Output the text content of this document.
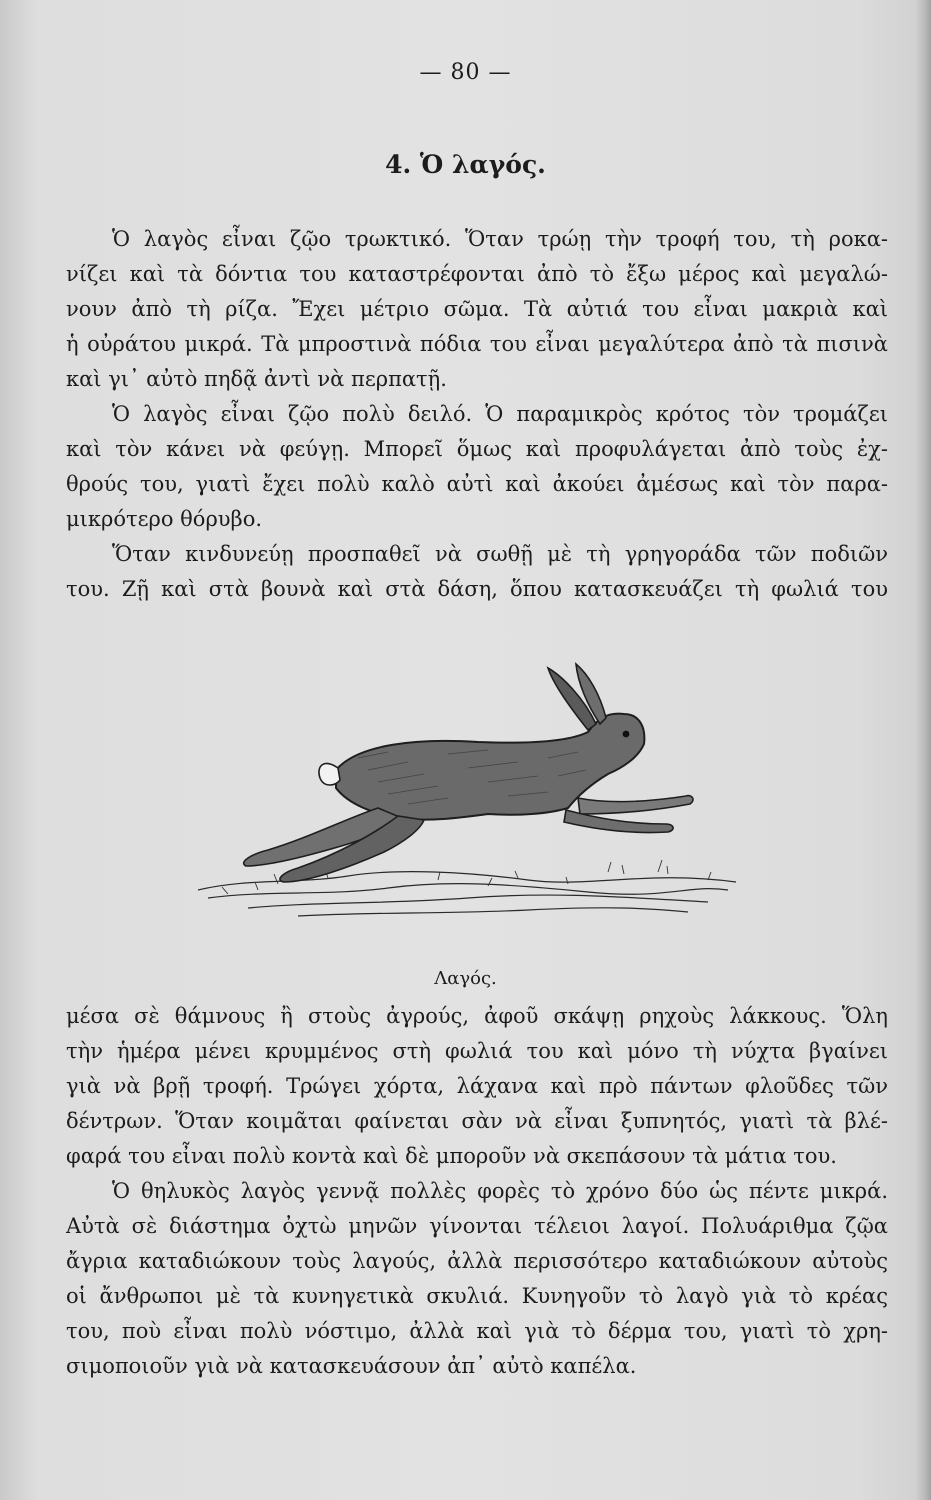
— 80 —
4. Ὁ λαγός.
Ὁ λαγὸς εἶναι ζῷο τρωκτικό. Ὅταν τρώῃ τὴν τροφή του, τὴ ροκα-
νίζει καὶ τὰ δόντια του καταστρέφονται ἀπὸ τὸ ἔξω μέρος καὶ μεγαλώ-
νουν ἀπὸ τὴ ρίζα. Ἔχει μέτριο σῶμα. Τὰ αὐτιά του εἶναι μακριὰ καὶ
ἡ οὐράτου μικρά. Τὰ μπροστινὰ πόδια του εἶναι μεγαλύτερα ἀπὸ τὰ πισινὰ
καὶ γι᾿ αὐτὸ πηδᾷ ἀντὶ νὰ περπατῇ.
Ὁ λαγὸς εἶναι ζῷο πολὺ δειλό. Ὁ παραμικρὸς κρότος τὸν τρομάζει
καὶ τὸν κάνει νὰ φεύγῃ. Μπορεῖ ὅμως καὶ προφυλάγεται ἀπὸ τοὺς ἐχ-
θρούς του, γιατὶ ἔχει πολὺ καλὸ αὐτὶ καὶ ἀκούει ἀμέσως καὶ τὸν παρα-
μικρότερο θόρυβο.
Ὅταν κινδυνεύῃ προσπαθεῖ νὰ σωθῇ μὲ τὴ γρηγοράδα τῶν ποδιῶν
του. Ζῇ καὶ στὰ βουνὰ καὶ στὰ δάση, ὅπου κατασκευάζει τὴ φωλιά του
Λαγός.
μέσα σὲ θάμνους ἢ στοὺς ἀγρούς, ἀφοῦ σκάψῃ ρηχοὺς λάκκους. Ὅλη
τὴν ἡμέρα μένει κρυμμένος στὴ φωλιά του καὶ μόνο τὴ νύχτα βγαίνει
γιὰ νὰ βρῇ τροφή. Τρώγει χόρτα, λάχανα καὶ πρὸ πάντων φλοῦδες τῶν
δέντρων. Ὅταν κοιμᾶται φαίνεται σὰν νὰ εἶναι ξυπνητός, γιατὶ τὰ βλέ-
φαρά του εἶναι πολὺ κοντὰ καὶ δὲ μποροῦν νὰ σκεπάσουν τὰ μάτια του.
Ὁ θηλυκὸς λαγὸς γεννᾷ πολλὲς φορὲς τὸ χρόνο δύο ὡς πέντε μικρά.
Αὐτὰ σὲ διάστημα ὀχτὼ μηνῶν γίνονται τέλειοι λαγοί. Πολυάριθμα ζῷα
ἄγρια καταδιώκουν τοὺς λαγούς, ἀλλὰ περισσότερο καταδιώκουν αὐτοὺς
οἱ ἄνθρωποι μὲ τὰ κυνηγετικὰ σκυλιά. Κυνηγοῦν τὸ λαγὸ γιὰ τὸ κρέας
του, ποὺ εἶναι πολὺ νόστιμο, ἀλλὰ καὶ γιὰ τὸ δέρμα του, γιατὶ τὸ χρη-
σιμοποιοῦν γιὰ νὰ κατασκευάσουν ἀπ᾿ αὐτὸ καπέλα.
